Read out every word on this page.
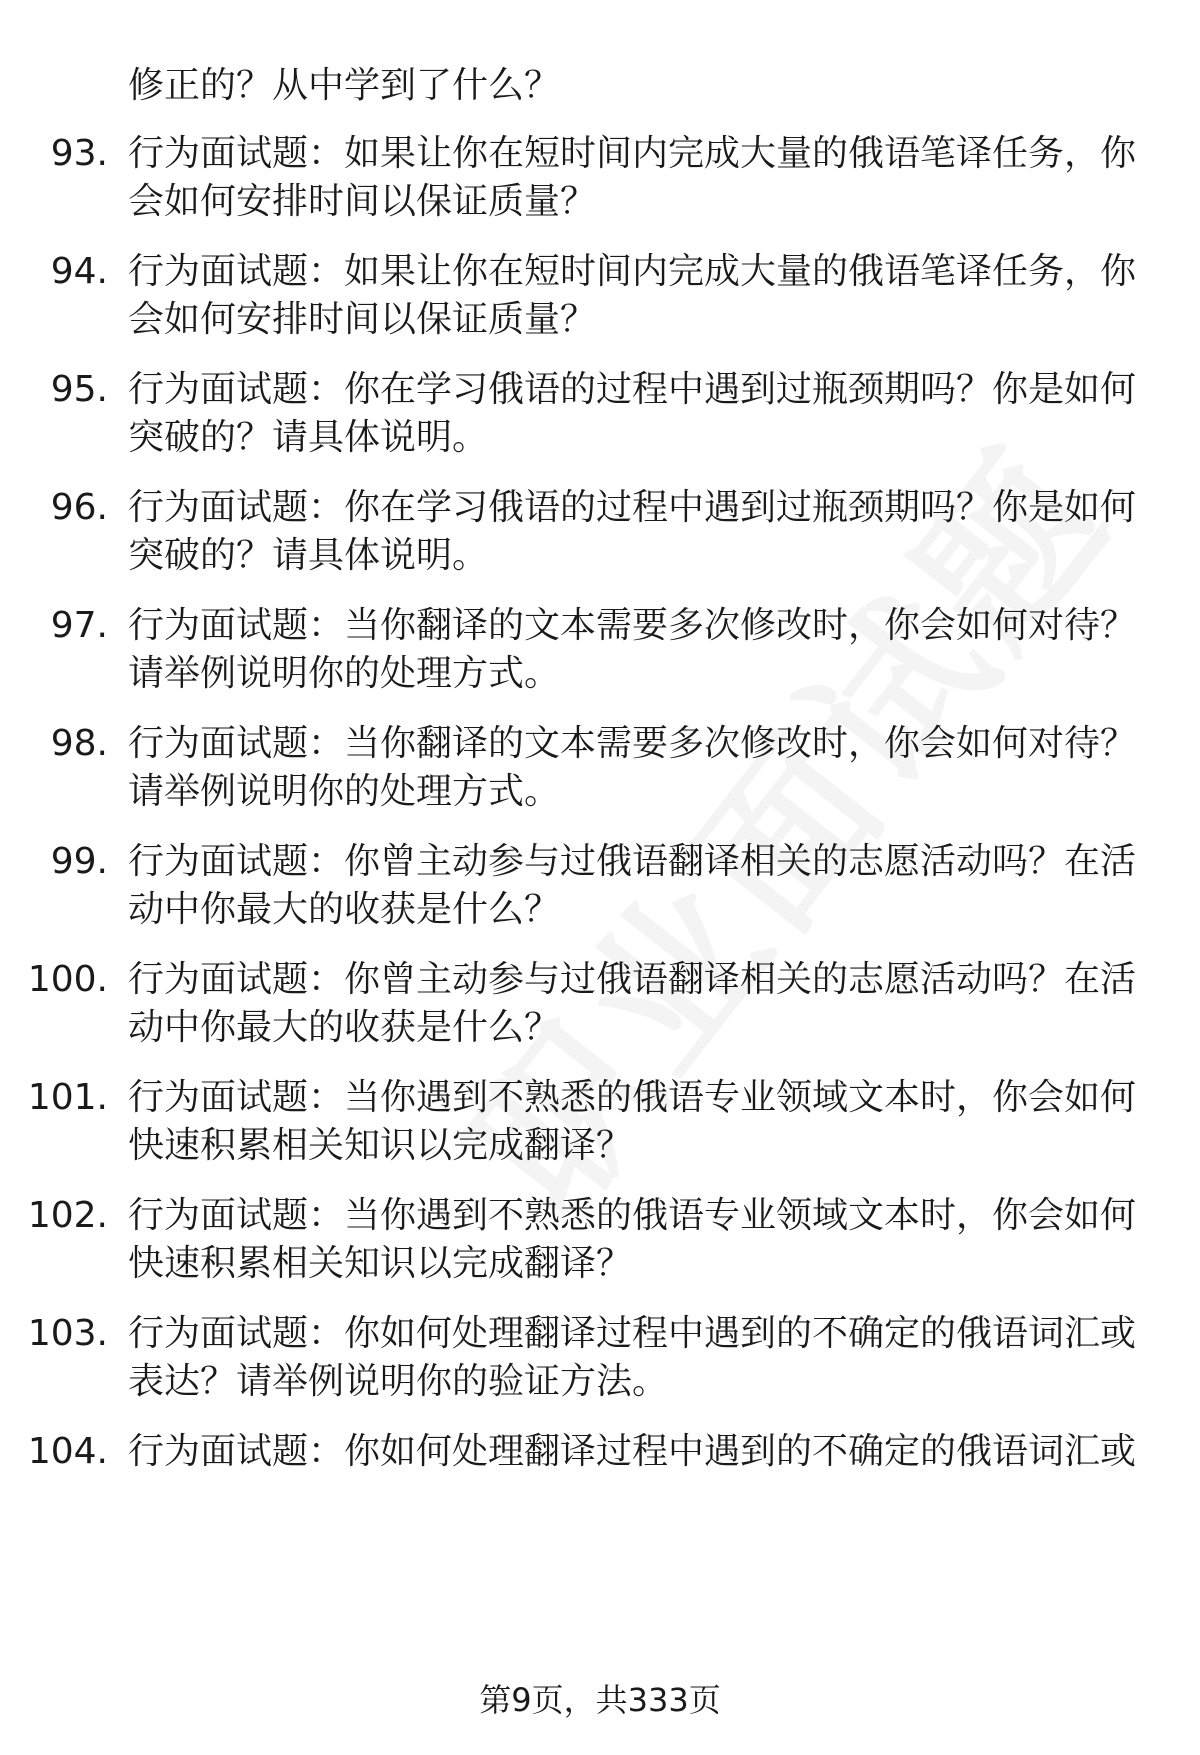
修正的？从中学到了什么？
93. 行为面试题：如果让你在短时间内完成大量的俄语笔译任务，你
会如何安排时间以保证质量？
94. 行为面试题：如果让你在短时间内完成大量的俄语笔译任务，你
会如何安排时间以保证质量？
95. 行为面试题：你在学习俄语的过程中遇到过瓶颈期吗？你是如何
突破的？请具体说明。
96. 行为面试题：你在学习俄语的过程中遇到过瓶颈期吗？你是如何
突破的？请具体说明。
97. 行为面试题：当你翻译的文本需要多次修改时，你会如何对待？
请举例说明你的处理方式。
98. 行为面试题：当你翻译的文本需要多次修改时，你会如何对待？
请举例说明你的处理方式。
99. 行为面试题：你曾主动参与过俄语翻译相关的志愿活动吗？在活
动中你最大的收获是什么？
100. 行为面试题：你曾主动参与过俄语翻译相关的志愿活动吗？在活
动中你最大的收获是什么？
101. 行为面试题：当你遇到不熟悉的俄语专业领域文本时，你会如何
快速积累相关知识以完成翻译？
102. 行为面试题：当你遇到不熟悉的俄语专业领域文本时，你会如何
快速积累相关知识以完成翻译？
103. 行为面试题：你如何处理翻译过程中遇到的不确定的俄语词汇或
表达？请举例说明你的验证方法。
104. 行为面试题：你如何处理翻译过程中遇到的不确定的俄语词汇或
第9页，共333页
